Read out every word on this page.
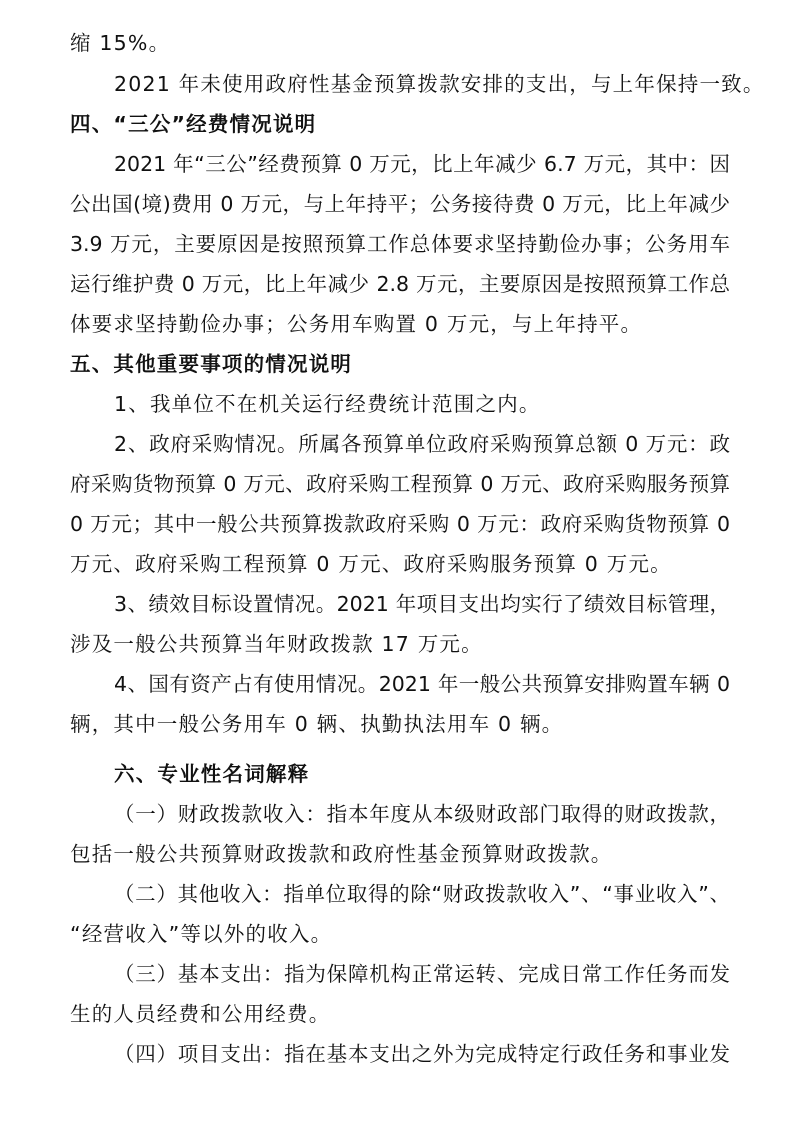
缩 15%。
2021 年未使用政府性基金预算拨款安排的支出，与上年保持一致。
四、“三公”经费情况说明
2021 年“三公”经费预算 0 万元，比上年减少 6.7 万元，其中：因
公出国(境)费用 0 万元，与上年持平；公务接待费 0 万元，比上年减少
3.9 万元，主要原因是按照预算工作总体要求坚持勤俭办事；公务用车
运行维护费 0 万元，比上年减少 2.8 万元，主要原因是按照预算工作总
体要求坚持勤俭办事；公务用车购置 0 万元，与上年持平。
五、其他重要事项的情况说明
1、我单位不在机关运行经费统计范围之内。
2、政府采购情况。所属各预算单位政府采购预算总额 0 万元：政
府采购货物预算 0 万元、政府采购工程预算 0 万元、政府采购服务预算
0 万元；其中一般公共预算拨款政府采购 0 万元：政府采购货物预算 0
万元、政府采购工程预算 0 万元、政府采购服务预算 0 万元。
3、绩效目标设置情况。2021 年项目支出均实行了绩效目标管理，
涉及一般公共预算当年财政拨款 17 万元。
4、国有资产占有使用情况。2021 年一般公共预算安排购置车辆 0
辆，其中一般公务用车 0 辆、执勤执法用车 0 辆。
六、专业性名词解释
（一）财政拨款收入：指本年度从本级财政部门取得的财政拨款，
包括一般公共预算财政拨款和政府性基金预算财政拨款。
（二）其他收入：指单位取得的除“财政拨款收入”、“事业收入”、
“经营收入”等以外的收入。
（三）基本支出：指为保障机构正常运转、完成日常工作任务而发
生的人员经费和公用经费。
（四）项目支出：指在基本支出之外为完成特定行政任务和事业发
